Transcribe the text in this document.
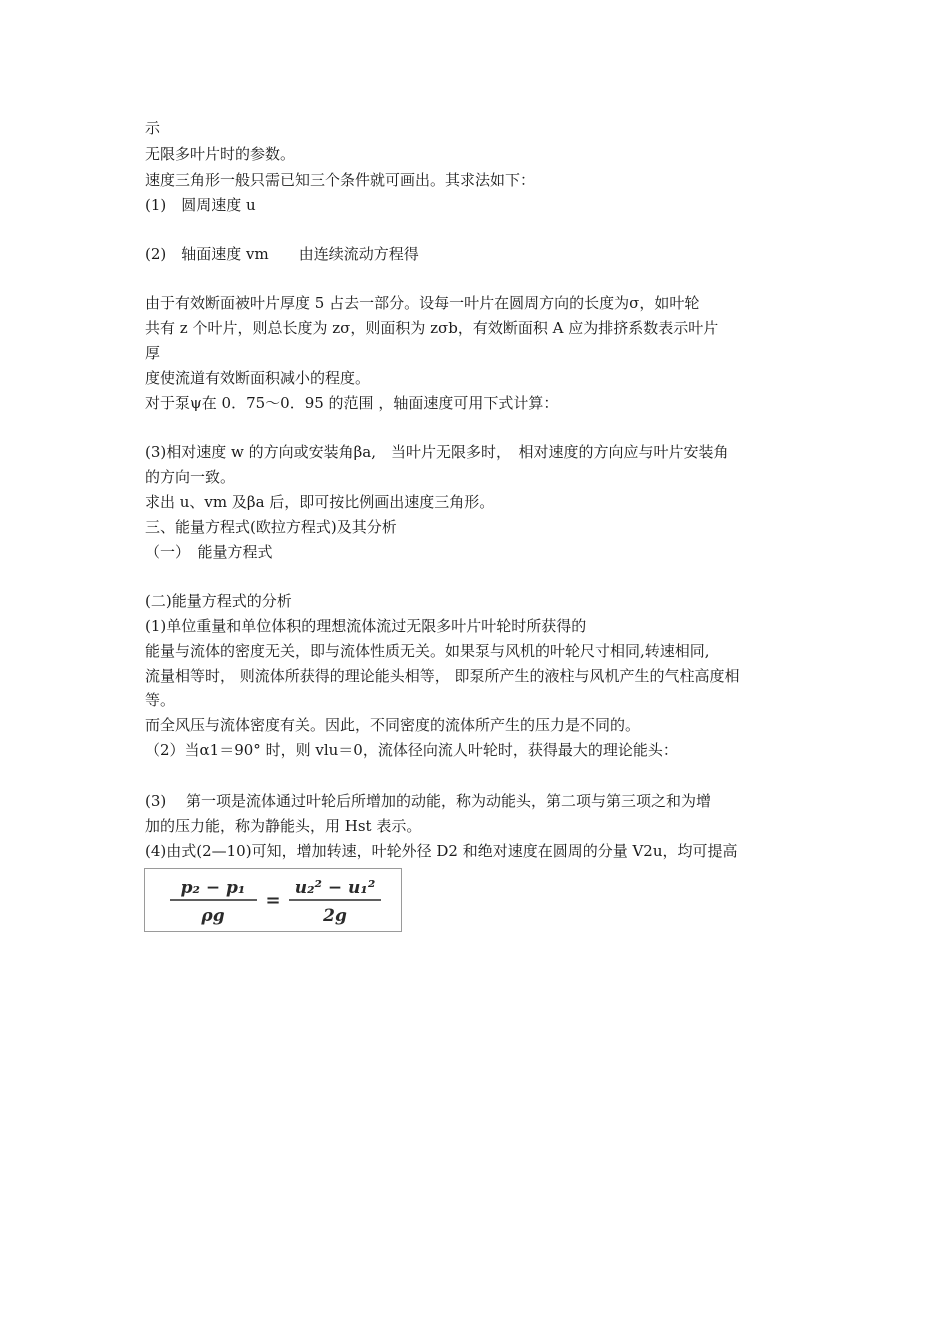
示
无限多叶片时的参数。
速度三角形一般只需已知三个条件就可画出。其求法如下：
(1)　圆周速度 u
(2)　轴面速度 vm　　由连续流动方程得
由于有效断面被叶片厚度 5 占去一部分。设每一叶片在圆周方向的长度为σ，如叶轮
共有 z 个叶片，则总长度为 zσ，则面积为 zσb，有效断面积 A 应为排挤系数表示叶片
厚
度使流道有效断面积减小的程度。
对于泵ψ在 0．75～0．95 的范围 ，轴面速度可用下式计算：
(3)相对速度 w 的方向或安装角βa,　当叶片无限多时，　相对速度的方向应与叶片安装角
的方向一致。
求出 u、vm 及βa 后，即可按比例画出速度三角形。
三、能量方程式(欧拉方程式)及其分析
（一）　能量方程式
(二)能量方程式的分析
(1)单位重量和单位体积的理想流体流过无限多叶片叶轮时所获得的
能量与流体的密度无关，即与流体性质无关。如果泵与风机的叶轮尺寸相同,转速相同,
流量相等时， 则流体所获得的理论能头相等， 即泵所产生的液柱与风机产生的气柱高度相
等。
而全风压与流体密度有关。因此，不同密度的流体所产生的压力是不同的。
（2）当α1＝90° 时，则 vlu＝0，流体径向流人叶轮时，获得最大的理论能头：
(3)　 第一项是流体通过叶轮后所增加的动能，称为动能头，第二项与第三项之和为增
加的压力能，称为静能头，用 Hst 表示。
(4)由式(2—10)可知，增加转速，叶轮外径 D2 和绝对速度在圆周的分量 V2u，均可提高
p₂ − p₁
ρg
=
u₂² − u₁²
2g
